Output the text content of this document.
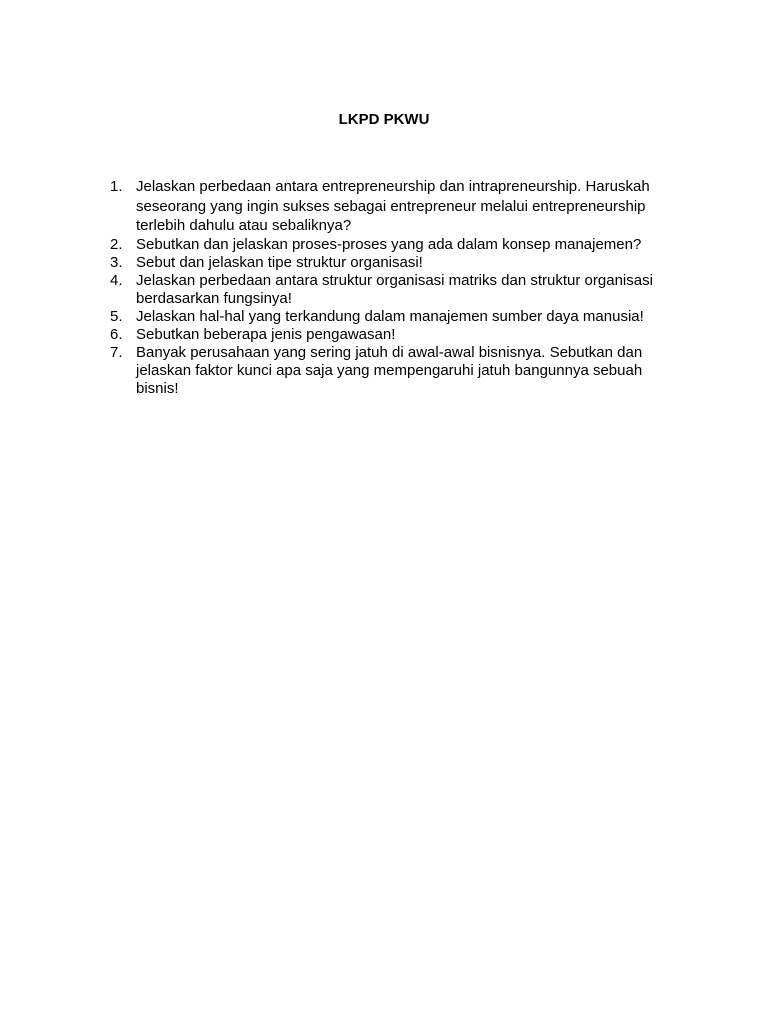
LKPD PKWU
1. Jelaskan perbedaan antara entrepreneurship dan intrapreneurship. Haruskah seseorang yang ingin sukses sebagai entrepreneur melalui entrepreneurship terlebih dahulu atau sebaliknya?
2. Sebutkan dan jelaskan proses-proses yang ada dalam konsep manajemen?
3. Sebut dan jelaskan tipe struktur organisasi!
4. Jelaskan perbedaan antara struktur organisasi matriks dan struktur organisasi berdasarkan fungsinya!
5. Jelaskan hal-hal yang terkandung dalam manajemen sumber daya manusia!
6. Sebutkan beberapa jenis pengawasan!
7. Banyak perusahaan yang sering jatuh di awal-awal bisnisnya. Sebutkan dan jelaskan faktor kunci apa saja yang mempengaruhi jatuh bangunnya sebuah bisnis!
